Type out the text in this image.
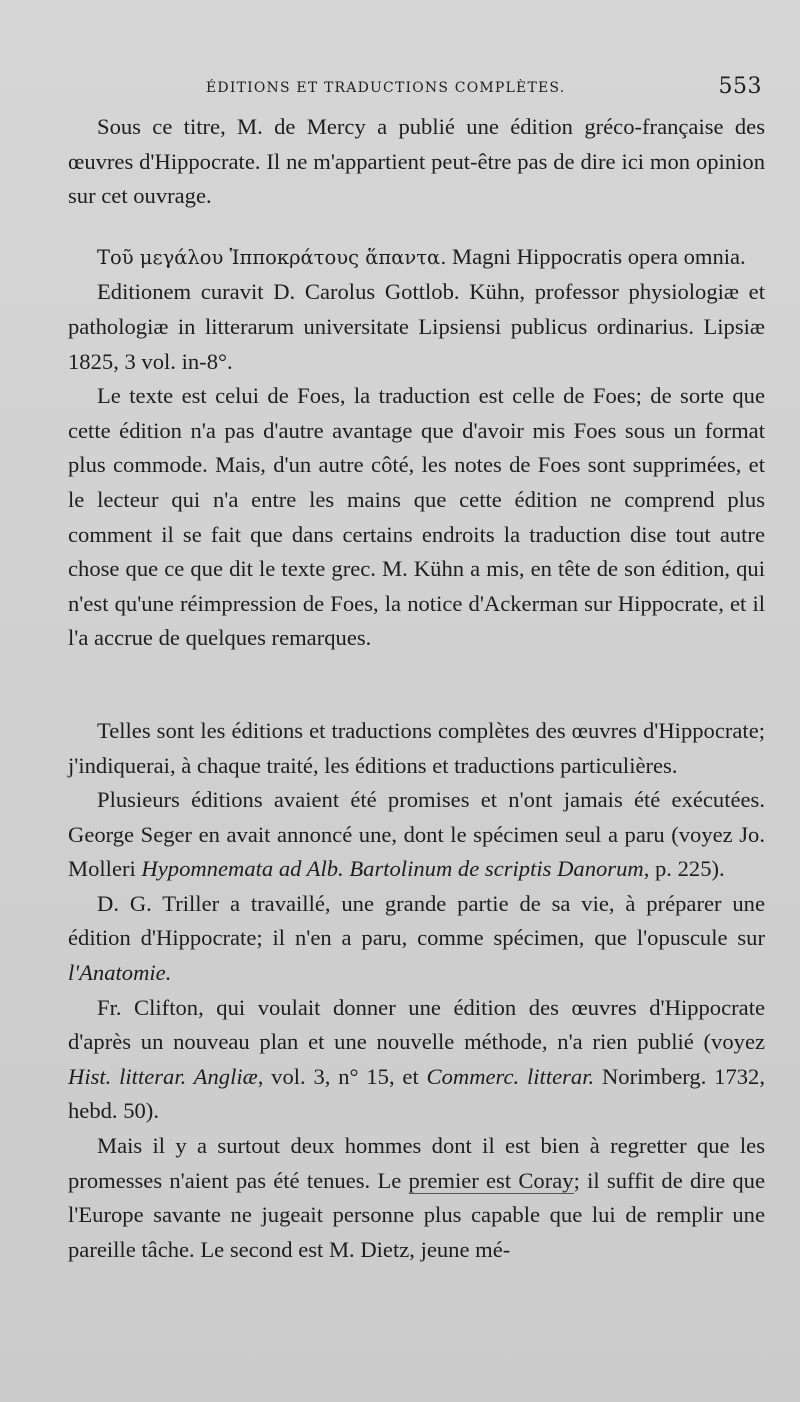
ÉDITIONS ET TRADUCTIONS COMPLÈTES.	553

Sous ce titre, M. de Mercy a publié une édition gréco-française des œuvres d'Hippocrate. Il ne m'appartient peut-être pas de dire ici mon opinion sur cet ouvrage.

Τοῦ μεγάλου Ἱπποκράτους ἅπαντα. Magni Hippocratis opera omnia.

Editionem curavit D. Carolus Gottlob. Kühn, professor physiologiæ et pathologiæ in litterarum universitate Lipsiensi publicus ordinarius. Lipsiæ 1825, 3 vol. in-8°.

Le texte est celui de Foes, la traduction est celle de Foes; de sorte que cette édition n'a pas d'autre avantage que d'avoir mis Foes sous un format plus commode. Mais, d'un autre côté, les notes de Foes sont supprimées, et le lecteur qui n'a entre les mains que cette édition ne comprend plus comment il se fait que dans certains endroits la traduction dise tout autre chose que ce que dit le texte grec. M. Kühn a mis, en tête de son édition, qui n'est qu'une réimpression de Foes, la notice d'Ackerman sur Hippocrate, et il l'a accrue de quelques remarques.

Telles sont les éditions et traductions complètes des œuvres d'Hippocrate; j'indiquerai, à chaque traité, les éditions et traductions particulières.

Plusieurs éditions avaient été promises et n'ont jamais été exécutées. George Seger en avait annoncé une, dont le spécimen seul a paru (voyez Jo. Molleri Hypomnemata ad Alb. Bartolinum de scriptis Danorum, p. 225).

D. G. Triller a travaillé, une grande partie de sa vie, à préparer une édition d'Hippocrate; il n'en a paru, comme spécimen, que l'opuscule sur l'Anatomie.

Fr. Clifton, qui voulait donner une édition des œuvres d'Hippocrate d'après un nouveau plan et une nouvelle méthode, n'a rien publié (voyez Hist. litterar. Angliæ, vol. 3, n° 15, et Commerc. litterar. Norimberg. 1732, hebd. 50).

Mais il y a surtout deux hommes dont il est bien à regretter que les promesses n'aient pas été tenues. Le premier est Coray; il suffit de dire que l'Europe savante ne jugeait personne plus capable que lui de remplir une pareille tâche. Le second est M. Dietz, jeune mé-
